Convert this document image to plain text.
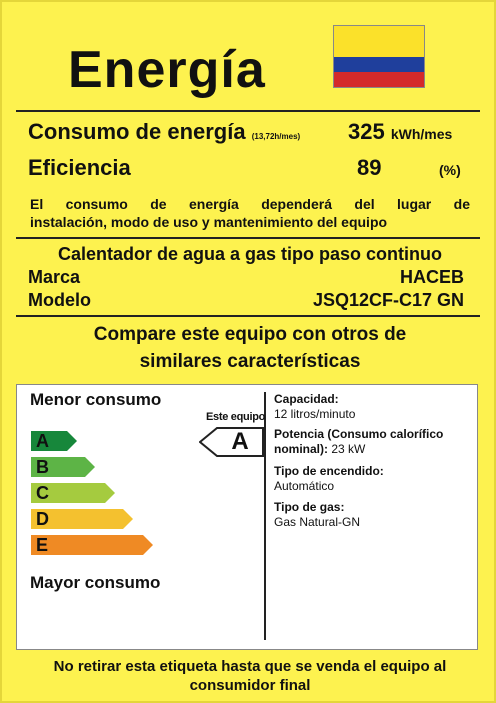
Energía
Consumo de energía (13,72h/mes) 325 kWh/mes
Eficiencia	89	(%)
El consumo de energía dependerá del lugar de
instalación, modo de uso y mantenimiento del equipo
Calentador de agua a gas tipo paso continuo
Marca	HACEB
Modelo	JSQ12CF-C17 GN
Compare este equipo con otros de
similares características
Menor consumo
A
B
C
D
E
Mayor consumo
Este equipo
A
Capacidad:
12 litros/minuto
Potencia (Consumo calorífico
nominal): 23 kW
Tipo de encendido:
Automático
Tipo de gas:
Gas Natural-GN
No retirar esta etiqueta hasta que se venda el equipo al
consumidor final
